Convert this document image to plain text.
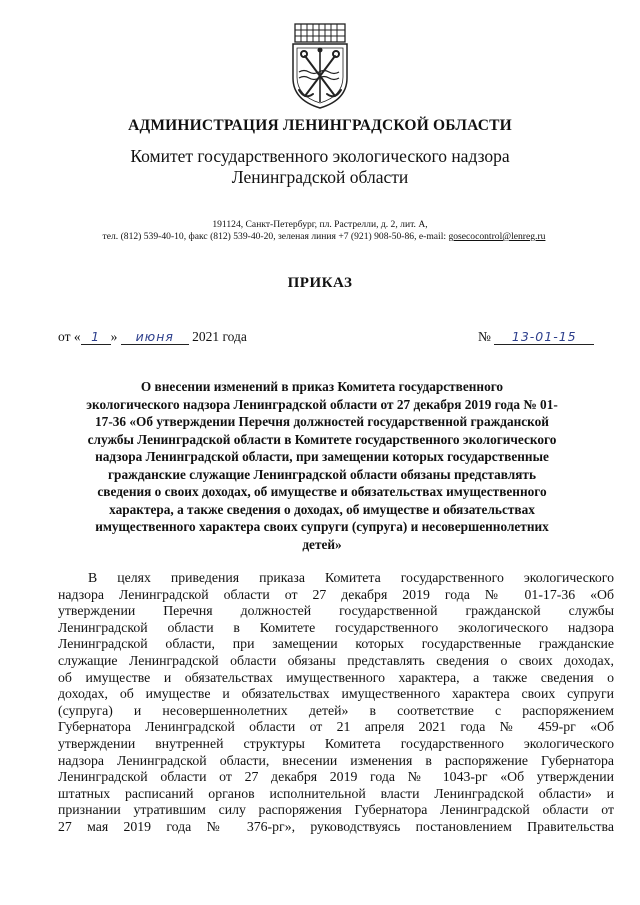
АДМИНИСТРАЦИЯ ЛЕНИНГРАДСКОЙ ОБЛАСТИ
Комитет государственного экологического надзора
Ленинградской области
191124, Санкт-Петербург, пл. Растрелли, д. 2, лит. А,
тел. (812) 539-40-10, факс (812) 539-40-20, зеленая линия +7 (921) 908-50-86, e-mail: gosecocontrol@lenreg.ru
ПРИКАЗ
от « 1 » июня 2021 года	№ 13-01-15
О внесении изменений в приказ Комитета государственного
экологического надзора Ленинградской области от 27 декабря 2019 года № 01-
17-36 «Об утверждении Перечня должностей государственной гражданской
службы Ленинградской области в Комитете государственного экологического
надзора Ленинградской области, при замещении которых государственные
гражданские служащие Ленинградской области обязаны представлять
сведения о своих доходах, об имуществе и обязательствах имущественного
характера, а также сведения о доходах, об имуществе и обязательствах
имущественного характера своих супруги (супруга) и несовершеннолетних
детей»
В целях приведения приказа Комитета государственного экологического
надзора Ленинградской области от 27 декабря 2019 года № 01-17-36 «Об
утверждении Перечня должностей государственной гражданской службы
Ленинградской области в Комитете государственного экологического надзора
Ленинградской области, при замещении которых государственные гражданские
служащие Ленинградской области обязаны представлять сведения о своих доходах,
об имуществе и обязательствах имущественного характера, а также сведения о
доходах, об имуществе и обязательствах имущественного характера своих супруги
(супруга) и несовершеннолетних детей» в соответствие с распоряжением
Губернатора Ленинградской области от 21 апреля 2021 года № 459-рг «Об
утверждении внутренней структуры Комитета государственного экологического
надзора Ленинградской области, внесении изменения в распоряжение Губернатора
Ленинградской области от 27 декабря 2019 года № 1043-рг «Об утверждении
штатных расписаний органов исполнительной власти Ленинградской области» и
признании утратившим силу распоряжения Губернатора Ленинградской области от
27 мая 2019 года № 376-рг», руководствуясь постановлением Правительства
